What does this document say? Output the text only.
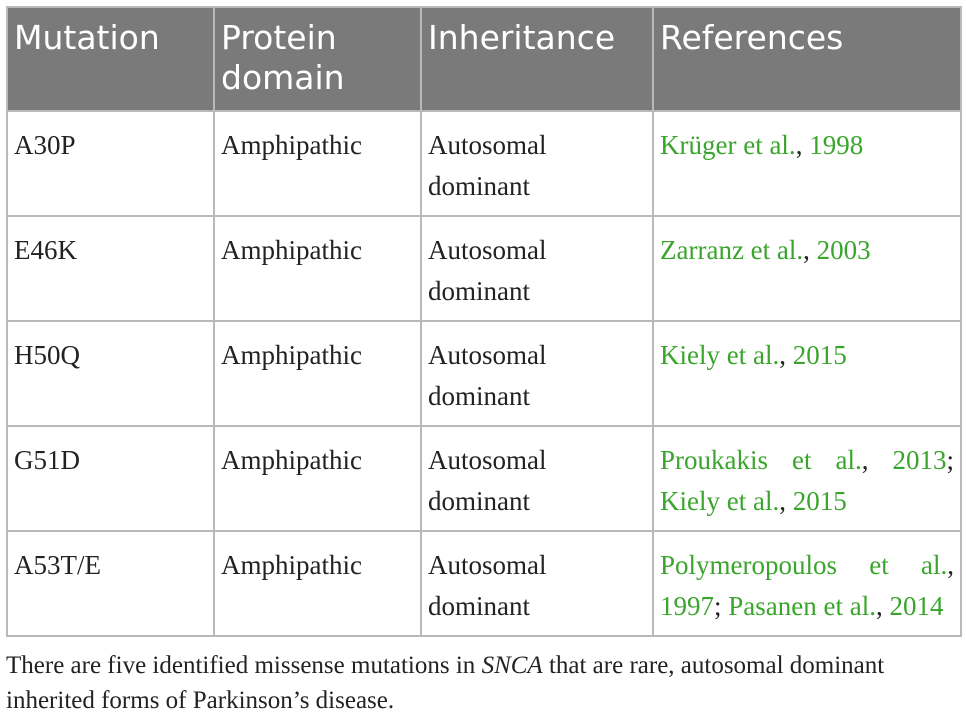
Mutation	Protein domain	Inheritance	References
A30P	Amphipathic	Autosomal dominant	Krüger et al., 1998
E46K	Amphipathic	Autosomal dominant	Zarranz et al., 2003
H50Q	Amphipathic	Autosomal dominant	Kiely et al., 2015
G51D	Amphipathic	Autosomal dominant	Proukakis et al., 2013; Kiely et al., 2015
A53T/E	Amphipathic	Autosomal dominant	Polymeropoulos et al., 1997; Pasanen et al., 2014
There are five identified missense mutations in SNCA that are rare, autosomal dominant inherited forms of Parkinson’s disease.
